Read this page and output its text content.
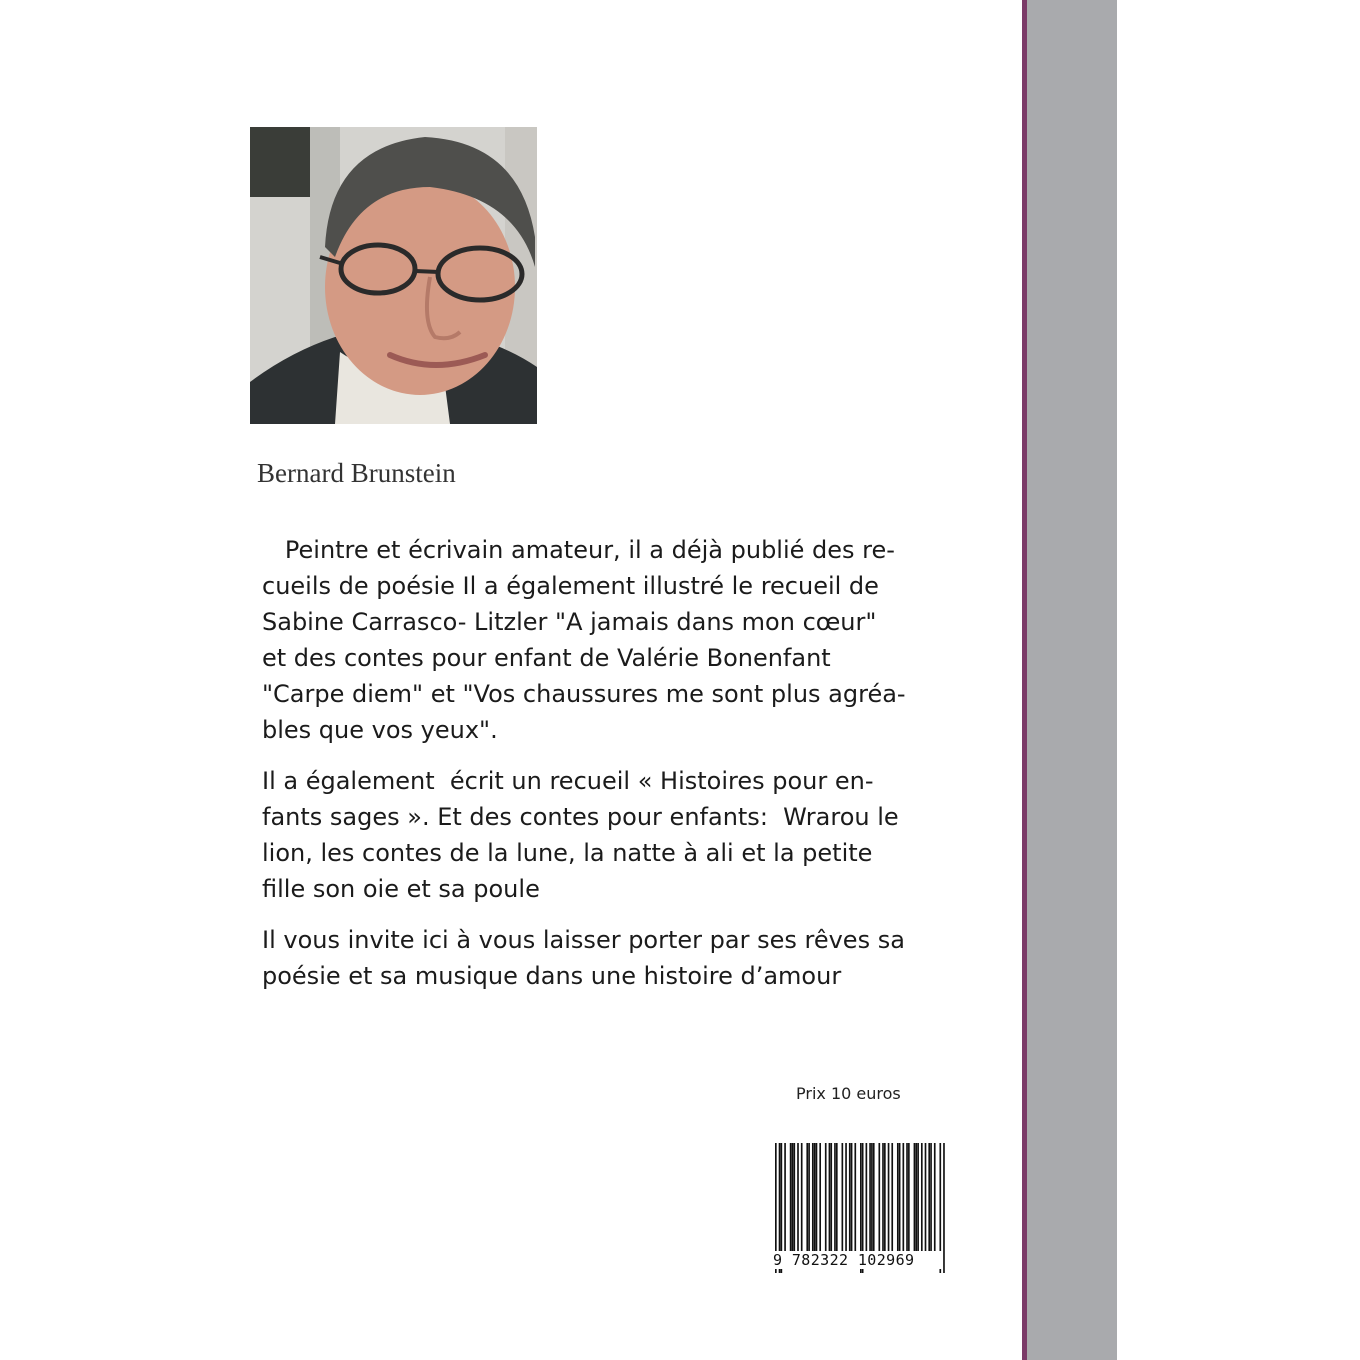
Bernard Brunstein
Peintre et écrivain amateur, il a déjà publié des re-
cueils de poésie Il a également illustré le recueil de
Sabine Carrasco- Litzler "A jamais dans mon cœur"
et des contes pour enfant de Valérie Bonenfant
"Carpe diem" et "Vos chaussures me sont plus agréa-
bles que vos yeux".
Il a également  écrit un recueil « Histoires pour en-
fants sages ». Et des contes pour enfants:  Wrarou le
lion, les contes de la lune, la natte à ali et la petite
fille son oie et sa poule
Il vous invite ici à vous laisser porter par ses rêves sa
poésie et sa musique dans une histoire d’amour
Prix 10 euros
9 782322 102969
